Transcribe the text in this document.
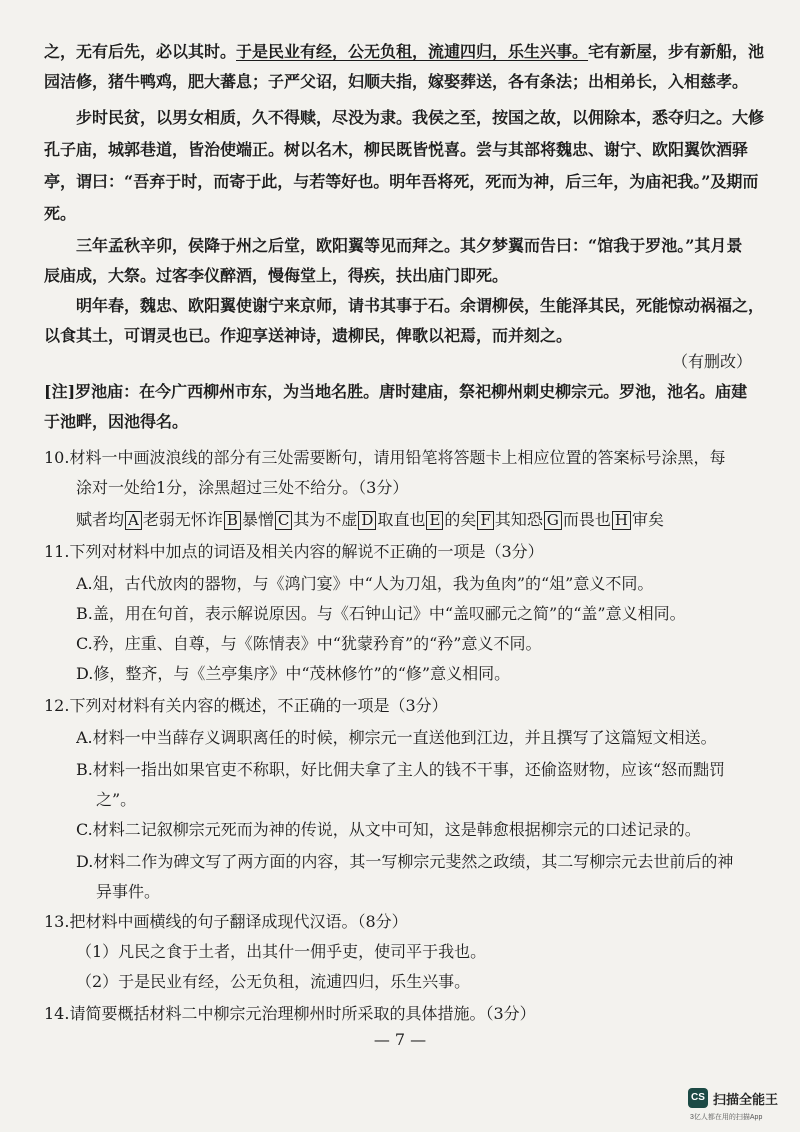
之，无有后先，必以其时。于是民业有经，公无负租，流逋四归，乐生兴事。宅有新屋，步有新船，池
园洁修，猪牛鸭鸡，肥大蕃息；子严父诏，妇顺夫指，嫁娶葬送，各有条法；出相弟长，入相慈孝。
步时民贫，以男女相质，久不得赎，尽没为隶。我侯之至，按国之故，以佣除本，悉夺归之。大修
孔子庙，城郭巷道，皆治使端正。树以名木，柳民既皆悦喜。尝与其部将魏忠、谢宁、欧阳翼饮酒驿
亭，谓曰：“吾弃于时，而寄于此，与若等好也。明年吾将死，死而为神，后三年，为庙祀我。”及期而
死。
三年孟秋辛卯，侯降于州之后堂，欧阳翼等见而拜之。其夕梦翼而告曰：“馆我于罗池。”其月景
辰庙成，大祭。过客李仪醉酒，慢侮堂上，得疾，扶出庙门即死。
明年春，魏忠、欧阳翼使谢宁来京师，请书其事于石。余谓柳侯，生能泽其民，死能惊动祸福之，
以食其土，可谓灵也已。作迎享送神诗，遗柳民，俾歌以祀焉，而并刻之。
（有删改）
[注]罗池庙：在今广西柳州市东，为当地名胜。唐时建庙，祭祀柳州刺史柳宗元。罗池，池名。庙建
于池畔，因池得名。
10.材料一中画波浪线的部分有三处需要断句，请用铅笔将答题卡上相应位置的答案标号涂黑，每
涂对一处给1分，涂黑超过三处不给分。（3分）
赋者均 A 老弱无怀诈 B 暴憎 C 其为不虚 D 取直也 E 的矣 F 其知恐 G 而畏也 H 审矣
11.下列对材料中加点的词语及相关内容的解说不正确的一项是（3分）
A.俎，古代放肉的器物，与《鸿门宴》中“人为刀俎，我为鱼肉”的“俎”意义不同。
B.盖，用在句首，表示解说原因。与《石钟山记》中“盖叹郦元之简”的“盖”意义相同。
C.矜，庄重、自尊，与《陈情表》中“犹蒙矜育”的“矜”意义不同。
D.修，整齐，与《兰亭集序》中“茂林修竹”的“修”意义相同。
12.下列对材料有关内容的概述，不正确的一项是（3分）
A.材料一中当薛存义调职离任的时候，柳宗元一直送他到江边，并且撰写了这篇短文相送。
B.材料一指出如果官吏不称职，好比佣夫拿了主人的钱不干事，还偷盗财物，应该“怒而黜罚
之”。
C.材料二记叙柳宗元死而为神的传说，从文中可知，这是韩愈根据柳宗元的口述记录的。
D.材料二作为碑文写了两方面的内容，其一写柳宗元斐然之政绩，其二写柳宗元去世前后的神
异事件。
13.把材料中画横线的句子翻译成现代汉语。（8分）
（1）凡民之食于土者，出其什一佣乎吏，使司平于我也。
（2）于是民业有经，公无负租，流逋四归，乐生兴事。
14.请简要概括材料二中柳宗元治理柳州时所采取的具体措施。（3分）
— 7 —
CS 扫描全能王
3亿人都在用的扫描App
